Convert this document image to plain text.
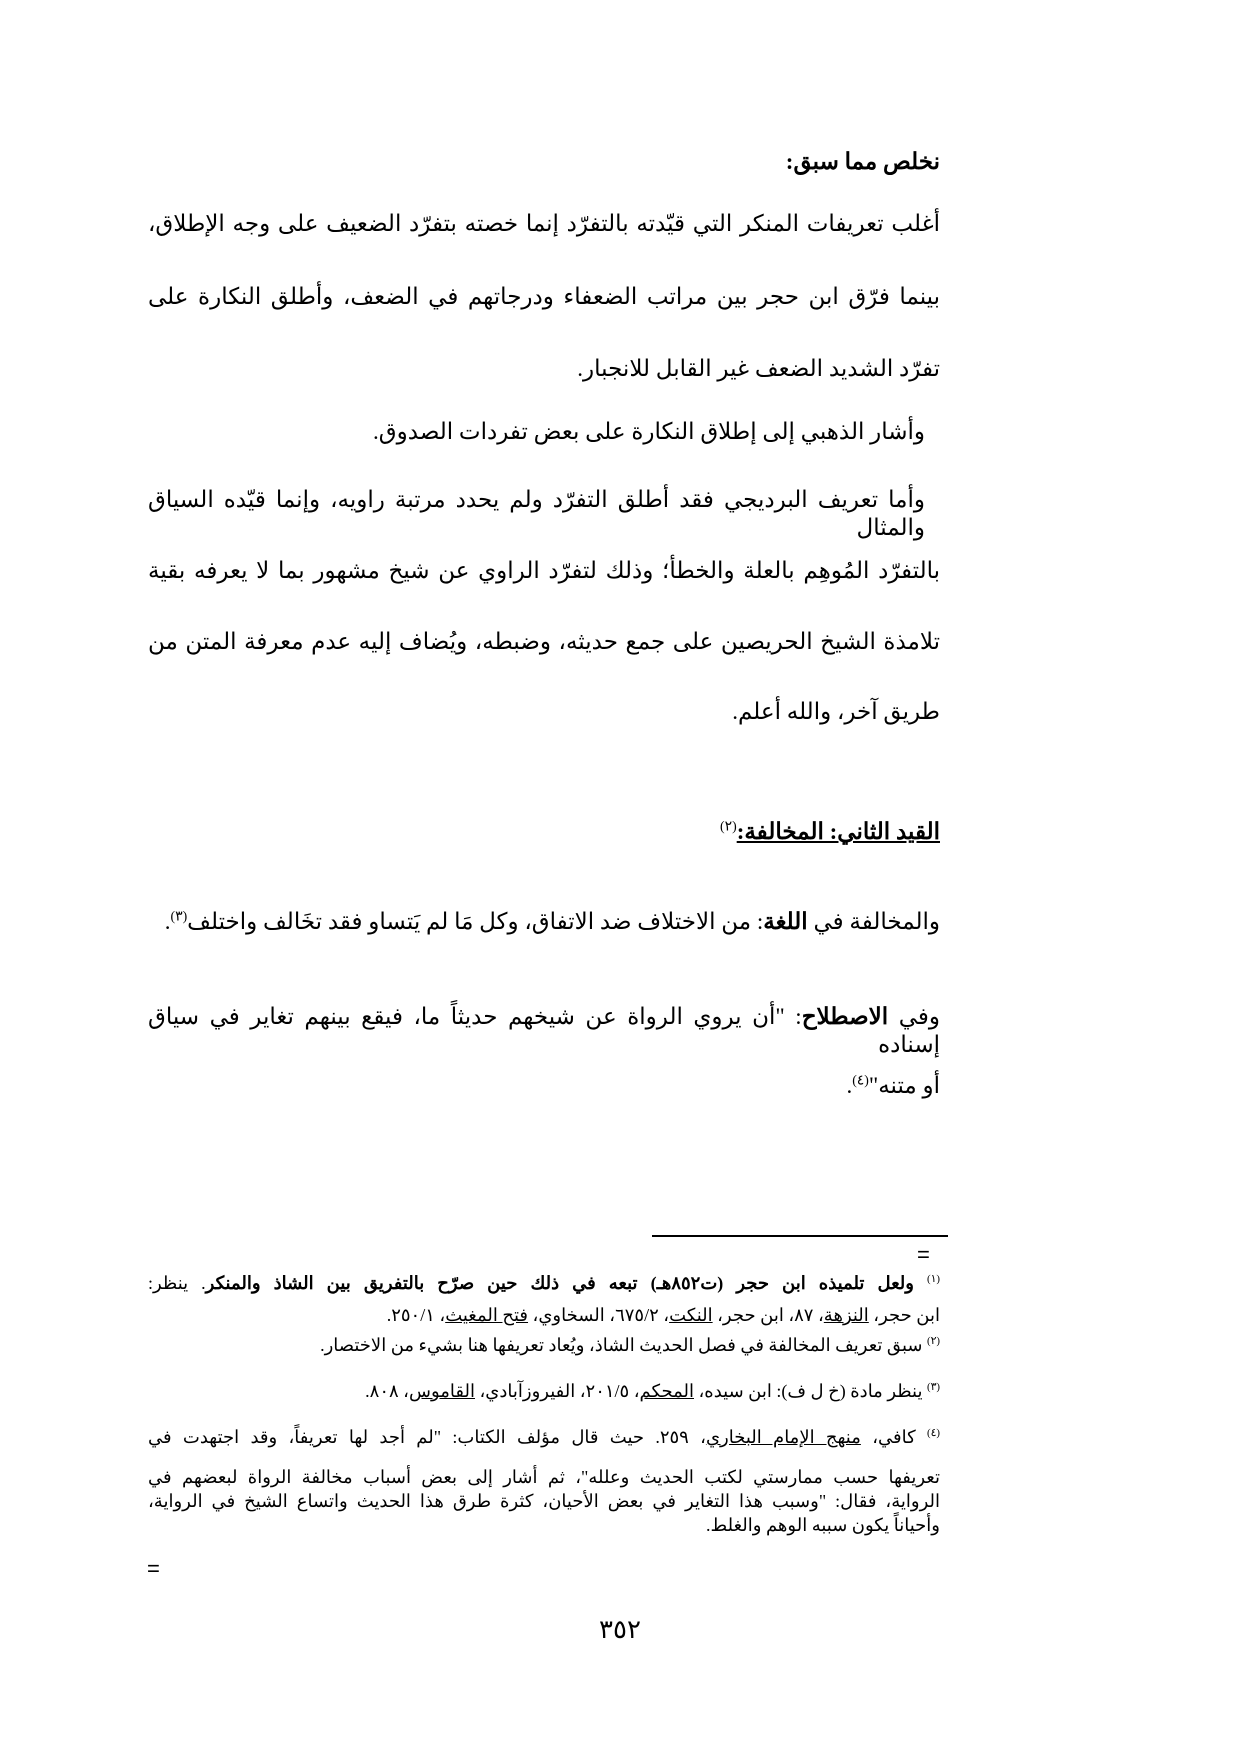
نخلص مما سبق:

أغلب تعريفات المنكر التي قيّدته بالتفرّد إنما خصته بتفرّد الضعيف على وجه الإطلاق،

بينما فرّق ابن حجر بين مراتب الضعفاء ودرجاتهم في الضعف، وأطلق النكارة على

تفرّد الشديد الضعف غير القابل للانجبار.

وأشار الذهبي إلى إطلاق النكارة على بعض تفردات الصدوق.

وأما تعريف البرديجي فقد أطلق التفرّد ولم يحدد مرتبة راويه، وإنما قيّده السياق والمثال

بالتفرّد المُوهِم بالعلة والخطأ؛ وذلك لتفرّد الراوي عن شيخ مشهور بما لا يعرفه بقية

تلامذة الشيخ الحريصين على جمع حديثه، وضبطه، ويُضاف إليه عدم معرفة المتن من

طريق آخر، والله أعلم.

القيد الثاني: المخالفة:$^{(٢)}$

والمخالفة في اللغة: من الاختلاف ضد الاتفاق، وكل مَا لم يَتساو فقد تخَالف واختلف$^{(٣)}$.

وفي الاصطلاح: "أن يروي الرواة عن شيخهم حديثاً ما، فيقع بينهم تغاير في سياق إسناده

أو متنه"$^{(٤)}$.

=

$^{(١)}$ ولعل تلميذه ابن حجر (ت٨٥٢هـ) تبعه في ذلك حين صرّح بالتفريق بين الشاذ والمنكر. ينظر:

ابن حجر، النزهة، ٨٧، ابن حجر، النكت، ٦٧٥/٢، السخاوي، فتح المغيث، ٢٥٠/١.

$^{(٢)}$ سبق تعريف المخالفة في فصل الحديث الشاذ، ويُعاد تعريفها هنا بشيء من الاختصار.

$^{(٣)}$ ينظر مادة (خ ل ف): ابن سيده، المحكم، ٢٠١/٥، الفيروزآبادي، القاموس، ٨٠٨.

$^{(٤)}$ كافي، منهج الإمام البخاري، ٢٥٩. حيث قال مؤلف الكتاب: "لم أجد لها تعريفاً، وقد اجتهدت في

تعريفها حسب ممارستي لكتب الحديث وعلله"، ثم أشار إلى بعض أسباب مخالفة الرواة لبعضهم في

الرواية، فقال: "وسبب هذا التغاير في بعض الأحيان، كثرة طرق هذا الحديث واتساع الشيخ في الرواية،

وأحياناً يكون سببه الوهم والغلط.

=
٣٥٢
